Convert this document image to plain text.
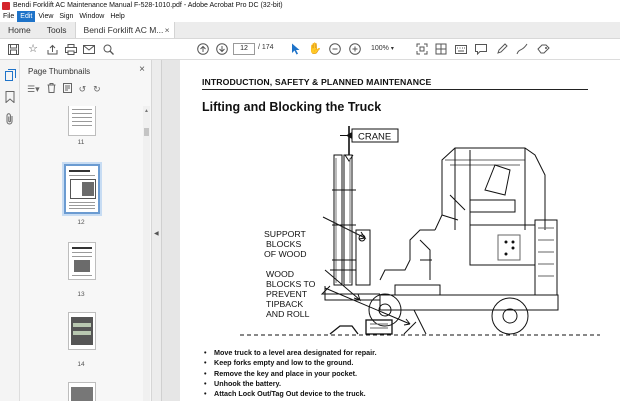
Bendi Forklift AC Maintenance Manual F-528-1010.pdf - Adobe Acrobat Pro DC (32-bit)
File Edit View Sign Window Help
Home	Tools	Bendi Forklift AC M... ×
☆	12	/ 174	✋	100% ▾
Page Thumbnails	×
☰▾	↺ ↻
11
12
13
14
▲
◀
INTRODUCTION, SAFETY & PLANNED MAINTENANCE
Lifting and Blocking the Truck
CRANE
SUPPORT
BLOCKS
OF WOOD
WOOD
BLOCKS TO
PREVENT
TIPBACK
AND ROLL
• Move truck to a level area designated for repair.
• Keep forks empty and low to the ground.
• Remove the key and place in your pocket.
• Unhook the battery.
• Attach Lock Out/Tag Out device to the truck.
